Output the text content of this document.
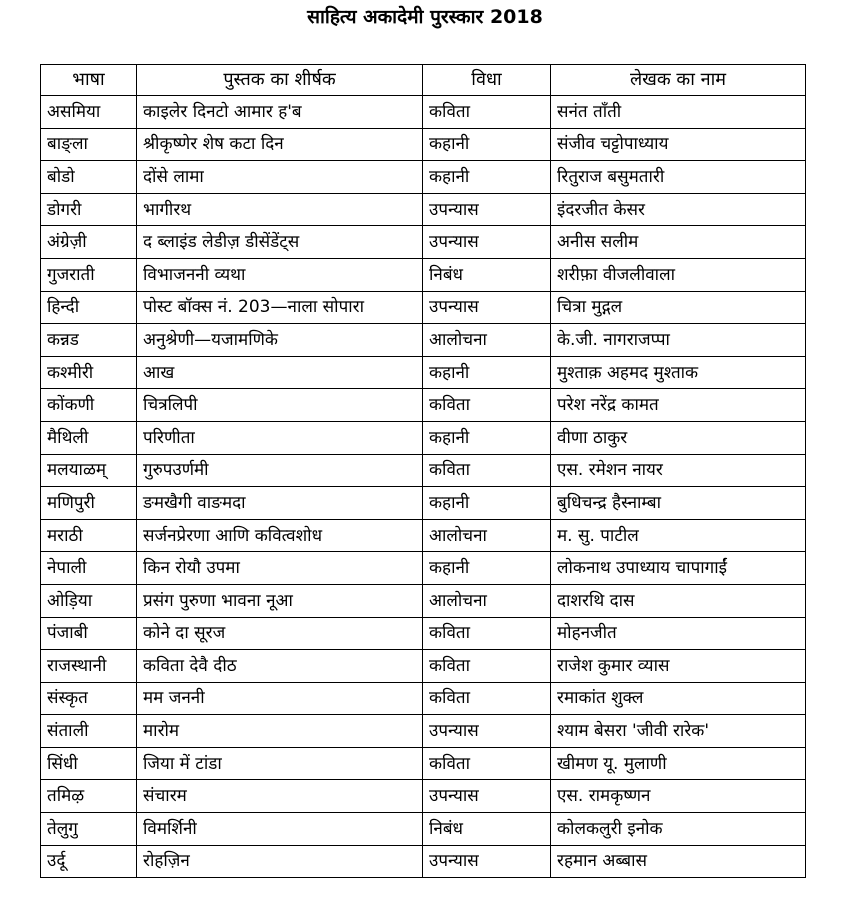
साहित्य अकादेमी पुरस्कार 2018
भाषा	पुस्तक का शीर्षक	विधा	लेखक का नाम
असमिया	काइलेर दिनटो आमार ह'ब	कविता	सनंत ताँती
बाङ्ला	श्रीकृष्णेर शेष कटा दिन	कहानी	संजीव चट्टोपाध्याय
बोडो	दोंसे लामा	कहानी	रितुराज बसुमतारी
डोगरी	भागीरथ	उपन्यास	इंदरजीत केसर
अंग्रेज़ी	द ब्लाइंड लेडीज़ डीसेंडेंट्स	उपन्यास	अनीस सलीम
गुजराती	विभाजननी व्यथा	निबंध	शरीफ़ा वीजलीवाला
हिन्दी	पोस्ट बॉक्स नं. 203—नाला सोपारा	उपन्यास	चित्रा मुद्गल
कन्नड	अनुश्रेणी—यजामणिके	आलोचना	के.जी. नागराजप्पा
कश्मीरी	आख	कहानी	मुश्ताक़ अहमद मुश्ताक
कोंकणी	चित्रलिपी	कविता	परेश नरेंद्र कामत
मैथिली	परिणीता	कहानी	वीणा ठाकुर
मलयाळम्	गुरुपउर्णमी	कविता	एस. रमेशन नायर
मणिपुरी	ङमखैगी वाङमदा	कहानी	बुधिचन्द्र हैस्नाम्बा
मराठी	सर्जनप्रेरणा आणि कवित्वशोध	आलोचना	म. सु. पाटील
नेपाली	किन रोयौ उपमा	कहानी	लोकनाथ उपाध्याय चापागाईं
ओड़िया	प्रसंग पुरुणा भावना नूआ	आलोचना	दाशरथि दास
पंजाबी	कोने दा सूरज	कविता	मोहनजीत
राजस्थानी	कविता देवै दीठ	कविता	राजेश कुमार व्यास
संस्कृत	मम जननी	कविता	रमाकांत शुक्ल
संताली	मारोम	उपन्यास	श्याम बेसरा 'जीवी रारेक'
सिंधी	जिया में टांडा	कविता	खीमण यू. मुलाणी
तमिऴ	संचारम	उपन्यास	एस. रामकृष्णन
तेलुगु	विमर्शिनी	निबंध	कोलकलुरी इनोक
उर्दू	रोहज़िन	उपन्यास	रहमान अब्बास
